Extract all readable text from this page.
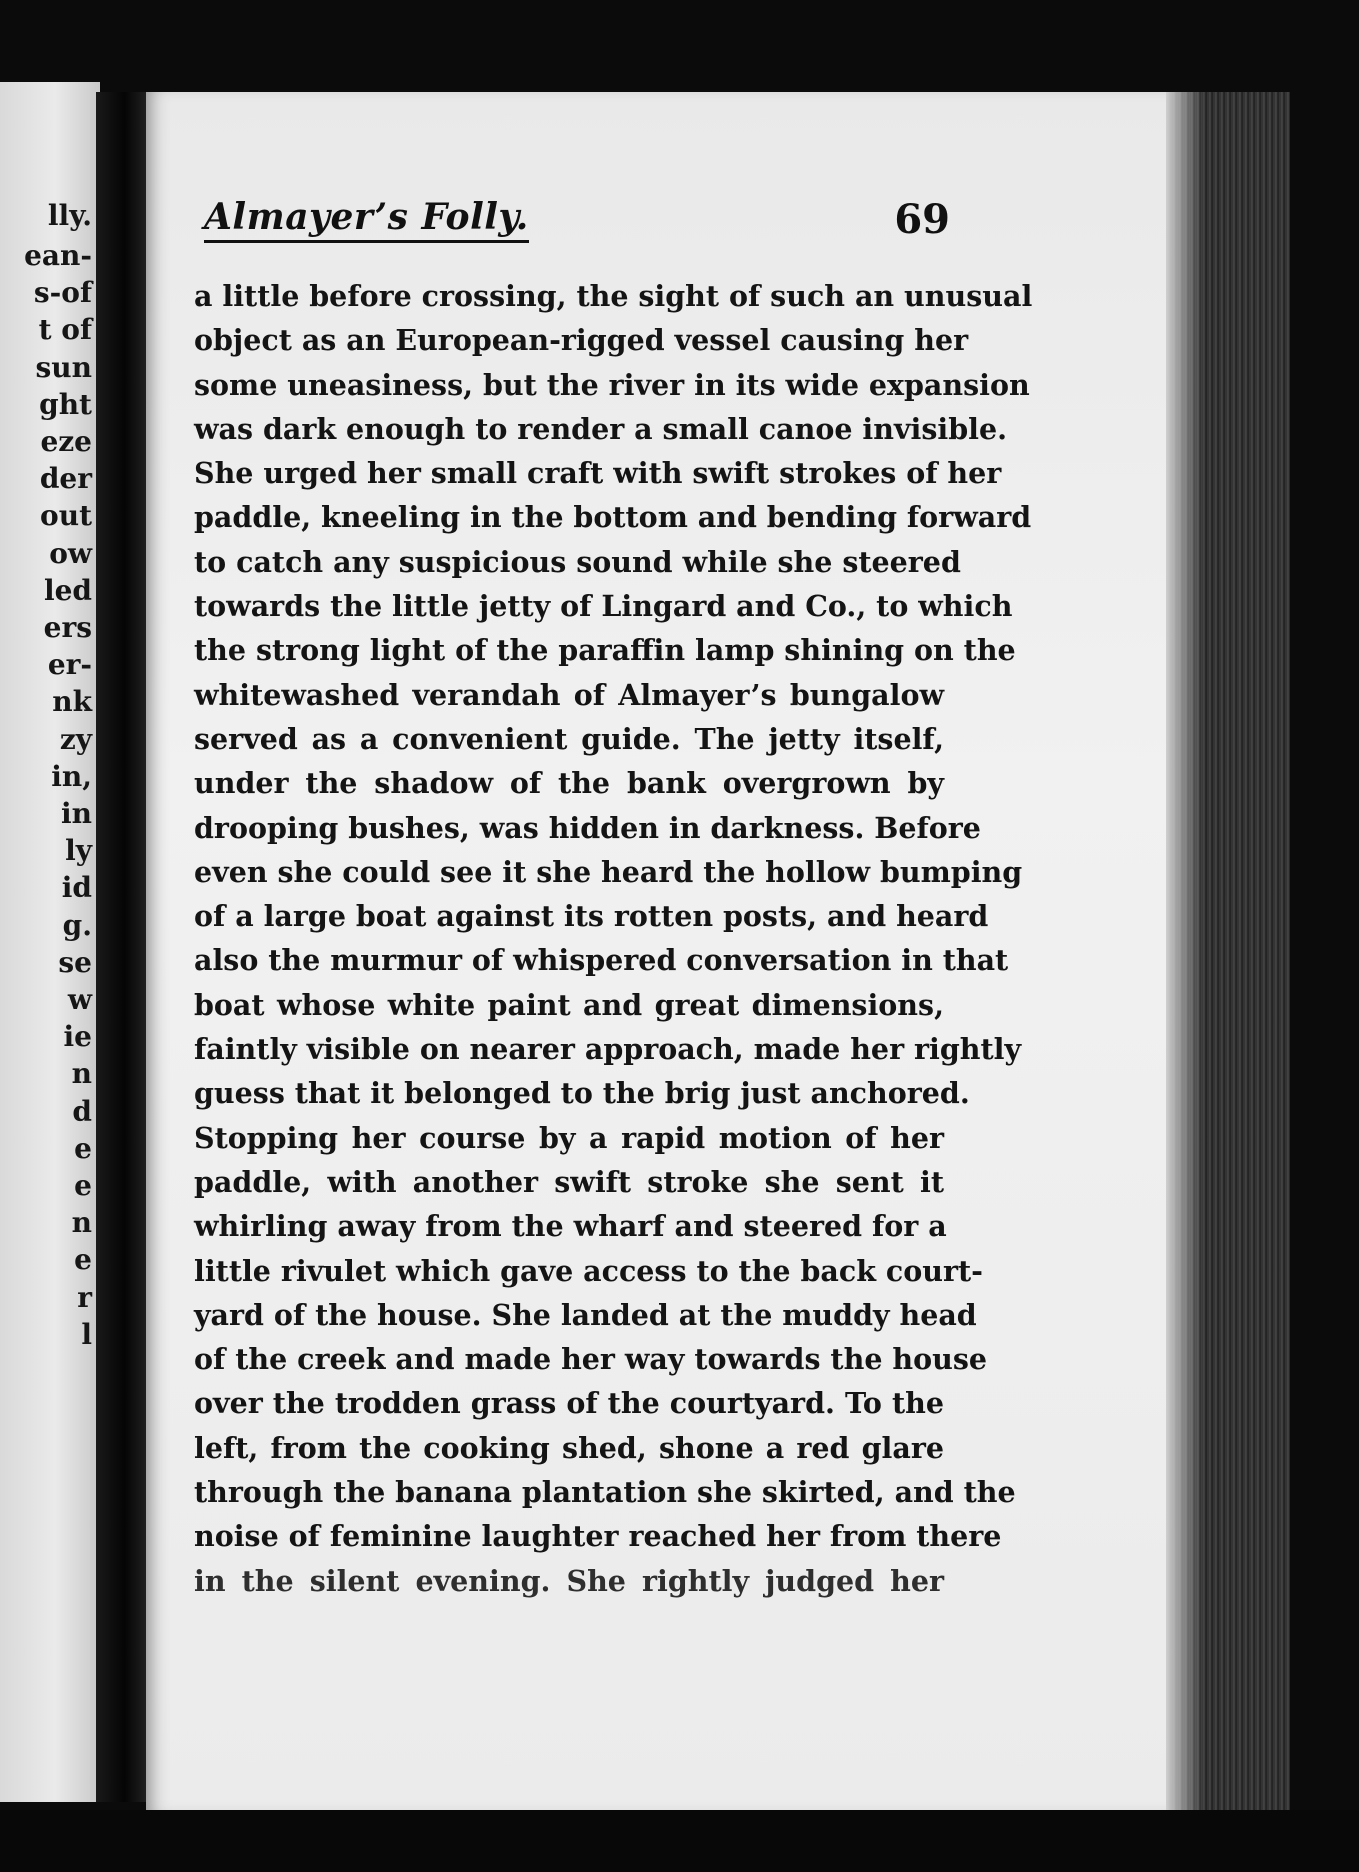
lly.
ean-
s-of
t of
sun
ght
eze
der
out
ow
led
ers
er-
nk
zy
in,
in
ly
id
g.
se
w
ie
n
d
e
e
n
e
r
l
Almayer’s Folly.	69
a little before crossing, the sight of such an unusual
object as an European-rigged vessel causing her
some uneasiness, but the river in its wide expansion
was dark enough to render a small canoe invisible.
She urged her small craft with swift strokes of her
paddle, kneeling in the bottom and bending forward
to catch any suspicious sound while she steered
towards the little jetty of Lingard and Co., to which
the strong light of the paraffin lamp shining on the
whitewashed verandah of Almayer’s bungalow
served as a convenient guide. The jetty itself,
under the shadow of the bank overgrown by
drooping bushes, was hidden in darkness. Before
even she could see it she heard the hollow bumping
of a large boat against its rotten posts, and heard
also the murmur of whispered conversation in that
boat whose white paint and great dimensions,
faintly visible on nearer approach, made her rightly
guess that it belonged to the brig just anchored.
Stopping her course by a rapid motion of her
paddle, with another swift stroke she sent it
whirling away from the wharf and steered for a
little rivulet which gave access to the back court-
yard of the house. She landed at the muddy head
of the creek and made her way towards the house
over the trodden grass of the courtyard. To the
left, from the cooking shed, shone a red glare
through the banana plantation she skirted, and the
noise of feminine laughter reached her from there
in the silent evening. She rightly judged her
